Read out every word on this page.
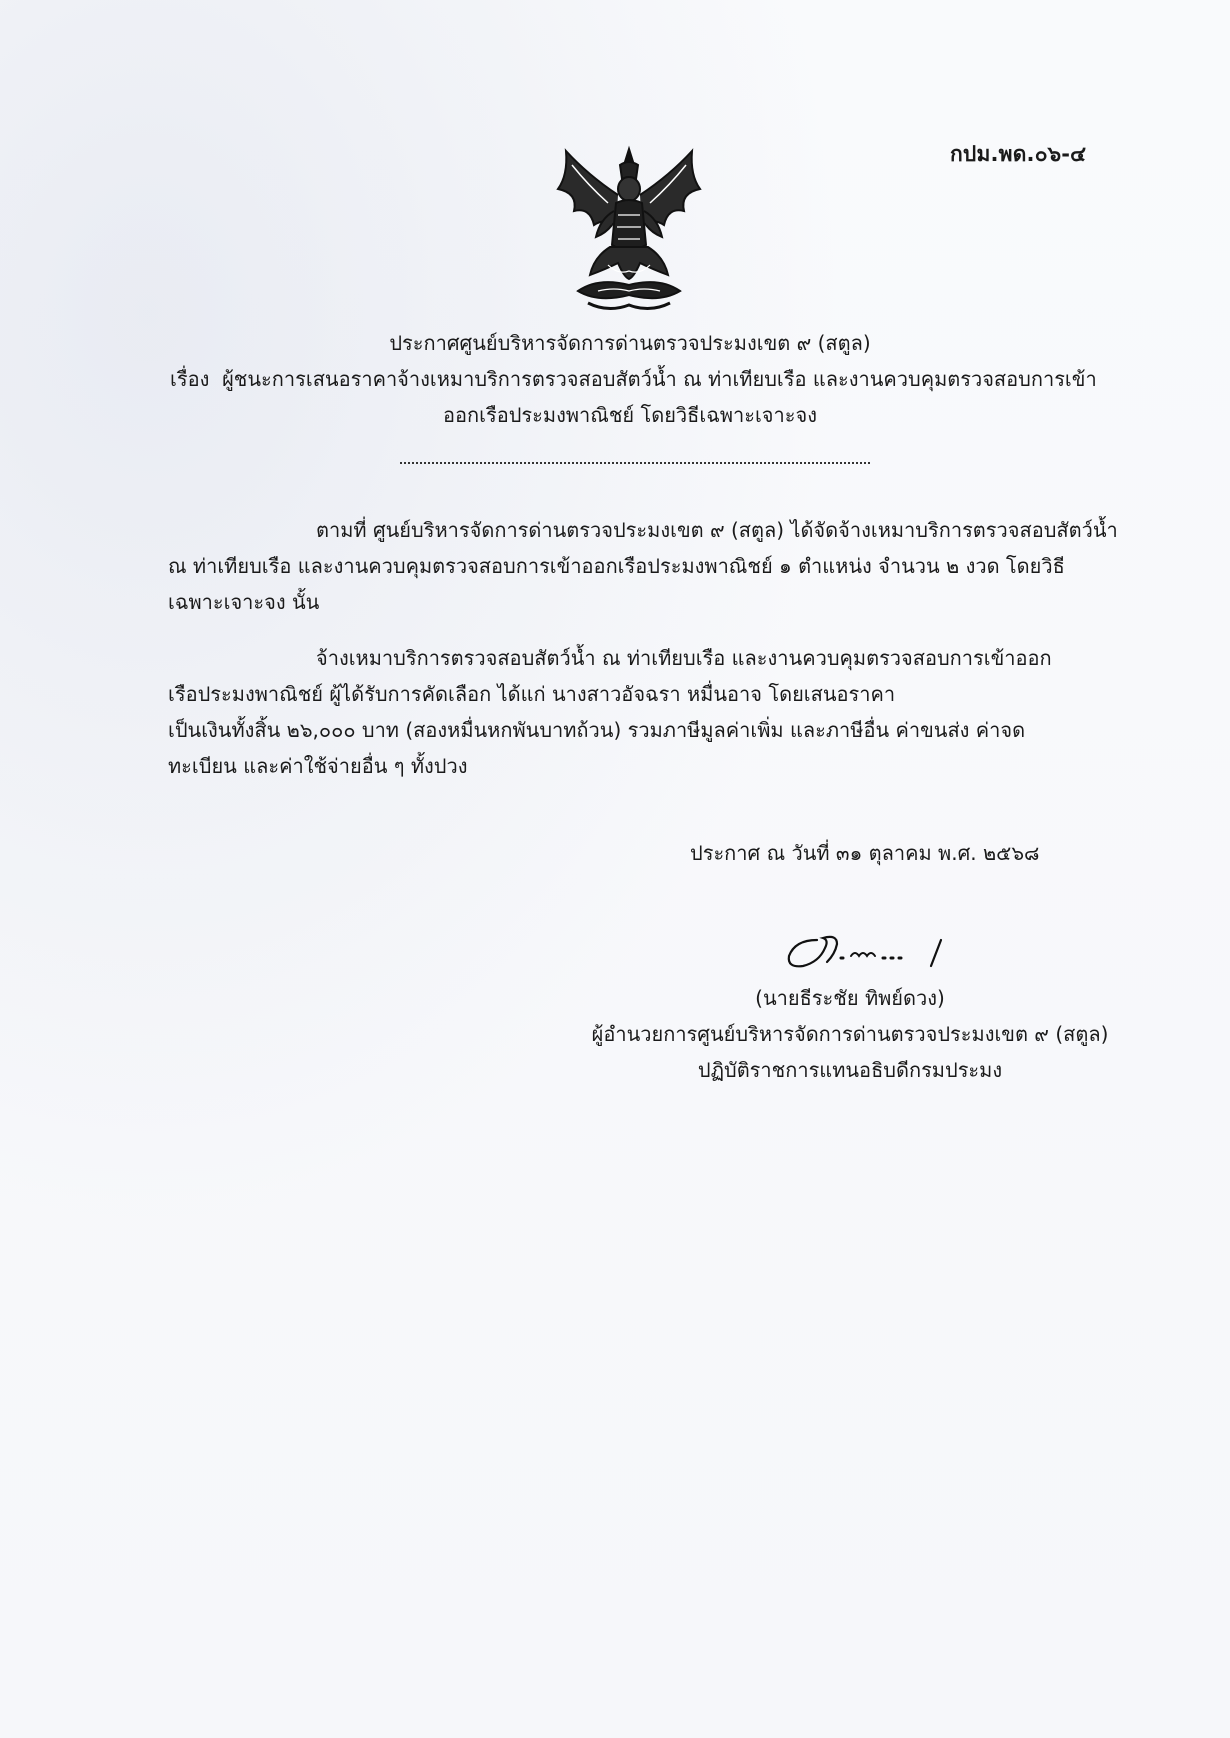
กปม.พด.๐๖-๔
ประกาศศูนย์บริหารจัดการด่านตรวจประมงเขต ๙ (สตูล)
เรื่อง ผู้ชนะการเสนอราคาจ้างเหมาบริการตรวจสอบสัตว์น้ำ ณ ท่าเทียบเรือ และงานควบคุมตรวจสอบการเข้า
ออกเรือประมงพาณิชย์ โดยวิธีเฉพาะเจาะจง
ตามที่ ศูนย์บริหารจัดการด่านตรวจประมงเขต ๙ (สตูล) ได้จัดจ้างเหมาบริการตรวจสอบสัตว์น้ำ
ณ ท่าเทียบเรือ และงานควบคุมตรวจสอบการเข้าออกเรือประมงพาณิชย์ ๑ ตำแหน่ง จำนวน ๒ งวด โดยวิธี
เฉพาะเจาะจง นั้น
จ้างเหมาบริการตรวจสอบสัตว์น้ำ ณ ท่าเทียบเรือ และงานควบคุมตรวจสอบการเข้าออก
เรือประมงพาณิชย์ ผู้ได้รับการคัดเลือก ได้แก่ นางสาวอัจฉรา หมื่นอาจ โดยเสนอราคา
เป็นเงินทั้งสิ้น ๒๖,๐๐๐ บาท (สองหมื่นหกพันบาทถ้วน) รวมภาษีมูลค่าเพิ่ม และภาษีอื่น ค่าขนส่ง ค่าจด
ทะเบียน และค่าใช้จ่ายอื่น ๆ ทั้งปวง
ประกาศ ณ วันที่ ๓๑ ตุลาคม พ.ศ. ๒๕๖๘
(นายธีระชัย ทิพย์ดวง)
ผู้อำนวยการศูนย์บริหารจัดการด่านตรวจประมงเขต ๙ (สตูล)
ปฏิบัติราชการแทนอธิบดีกรมประมง
